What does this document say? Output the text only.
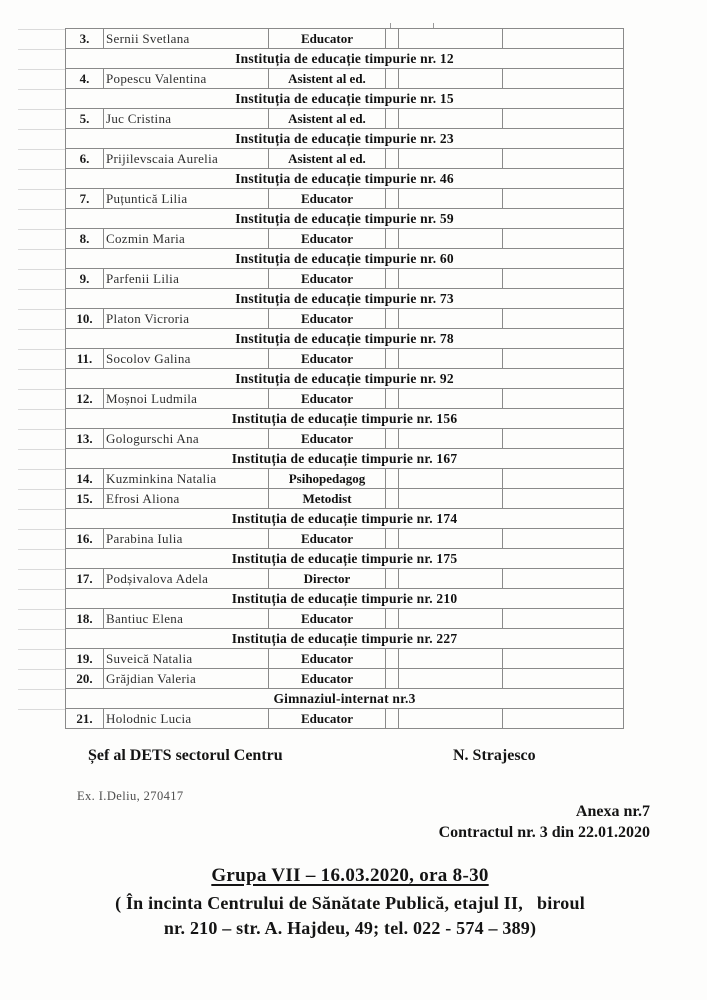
3.	Sernii Svetlana	Educator			
Instituția de educație timpurie nr. 12					
4.	Popescu Valentina	Asistent al ed.			
Instituția de educație timpurie nr. 15					
5.	Juc Cristina	Asistent al ed.			
Instituția de educație timpurie nr. 23					
6.	Prijilevscaia Aurelia	Asistent al ed.			
Instituția de educație timpurie nr. 46					
7.	Puțuntică Lilia	Educator			
Instituția de educație timpurie nr. 59					
8.	Cozmin Maria	Educator			
Instituția de educație timpurie nr. 60					
9.	Parfenii Lilia	Educator			
Instituția de educație timpurie nr. 73					
10.	Platon Vicroria	Educator			
Instituția de educație timpurie nr. 78					
11.	Socolov Galina	Educator			
Instituția de educație timpurie nr. 92					
12.	Moșnoi Ludmila	Educator			
Instituția de educație timpurie nr. 156					
13.	Gologurschi Ana	Educator			
Instituția de educație timpurie nr. 167					
14.	Kuzminkina Natalia	Psihopedagog			
15.	Efrosi Aliona	Metodist			
Instituția de educație timpurie nr. 174					
16.	Parabina Iulia	Educator			
Instituția de educație timpurie nr. 175					
17.	Podșivalova Adela	Director			
Instituția de educație timpurie nr. 210					
18.	Bantiuc Elena	Educator			
Instituția de educație timpurie nr. 227					
19.	Suveică Natalia	Educator			
20.	Grăjdian Valeria	Educator			
Gimnaziul-internat nr.3					
21.	Holodnic Lucia	Educator			
Șef al DETS sectorul Centru	N. Strajesco
Ex. I.Deliu, 270417
Anexa nr.7
Contractul nr. 3 din 22.01.2020
Grupa VII – 16.03.2020, ora 8-30
( În incinta Centrului de Sănătate Publică, etajul II,   biroul
nr. 210 – str. A. Hajdeu, 49; tel. 022 - 574 – 389)
